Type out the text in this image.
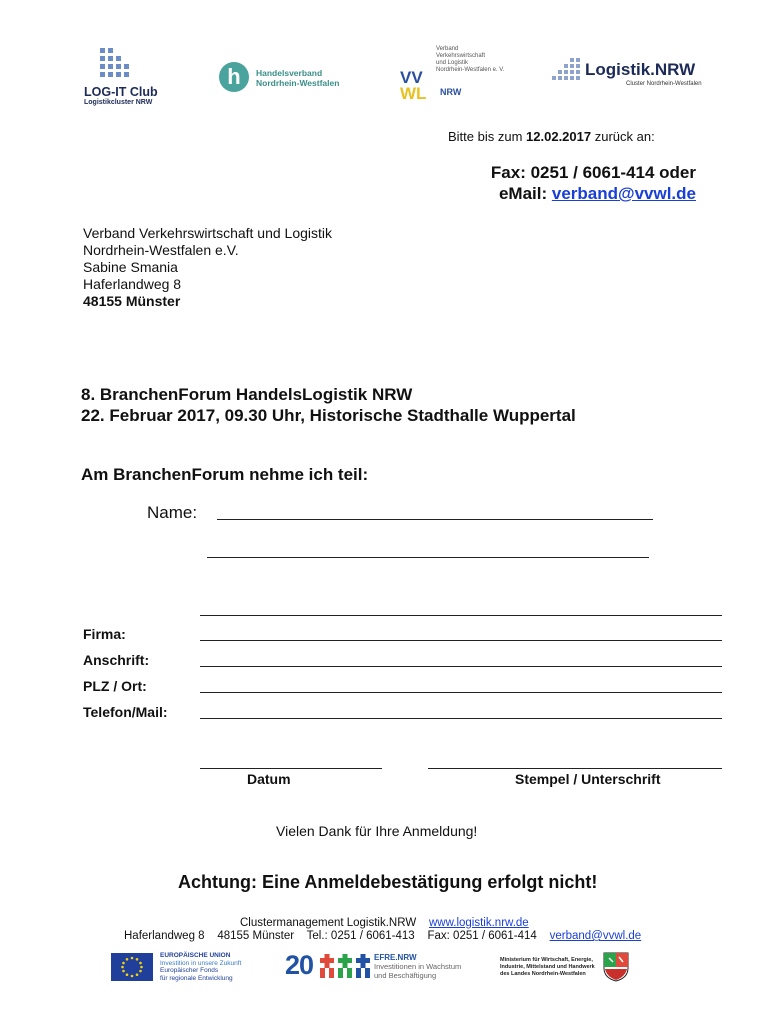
LOG-IT Club
Logistikcluster NRW
h	Handelsverband
Nordrhein-Westfalen
Verband
Verkehrswirtschaft
und Logistik
Nordrhein-Westfalen e. V.
VV
WL NRW
Logistik.NRW
Cluster Nordrhein-Westfalen
Bitte bis zum 12.02.2017 zurück an:
Fax: 0251 / 6061-414 oder
eMail: verband@vvwl.de
Verband Verkehrswirtschaft und Logistik
Nordrhein-Westfalen e.V.
Sabine Smania
Haferlandweg 8
48155 Münster
8. BranchenForum HandelsLogistik NRW
22. Februar 2017, 09.30 Uhr, Historische Stadthalle Wuppertal
Am BranchenForum nehme ich teil:
Name:
Firma:
Anschrift:
PLZ / Ort:
Telefon/Mail:
Datum	Stempel / Unterschrift
Vielen Dank für Ihre Anmeldung!
Achtung: Eine Anmeldebestätigung erfolgt nicht!
Clustermanagement Logistik.NRW www.logistik.nrw.de
Haferlandweg 8 48155 Münster Tel.: 0251 / 6061-413 Fax: 0251 / 6061-414 verband@vvwl.de
EUROPÄISCHE UNION
Investition in unsere Zukunft
Europäischer Fonds
für regionale Entwicklung	20	EFRE.NRW
Investitionen in Wachstum
und Beschäftigung
Ministerium für Wirtschaft, Energie,
Industrie, Mittelstand und Handwerk
des Landes Nordrhein-Westfalen
